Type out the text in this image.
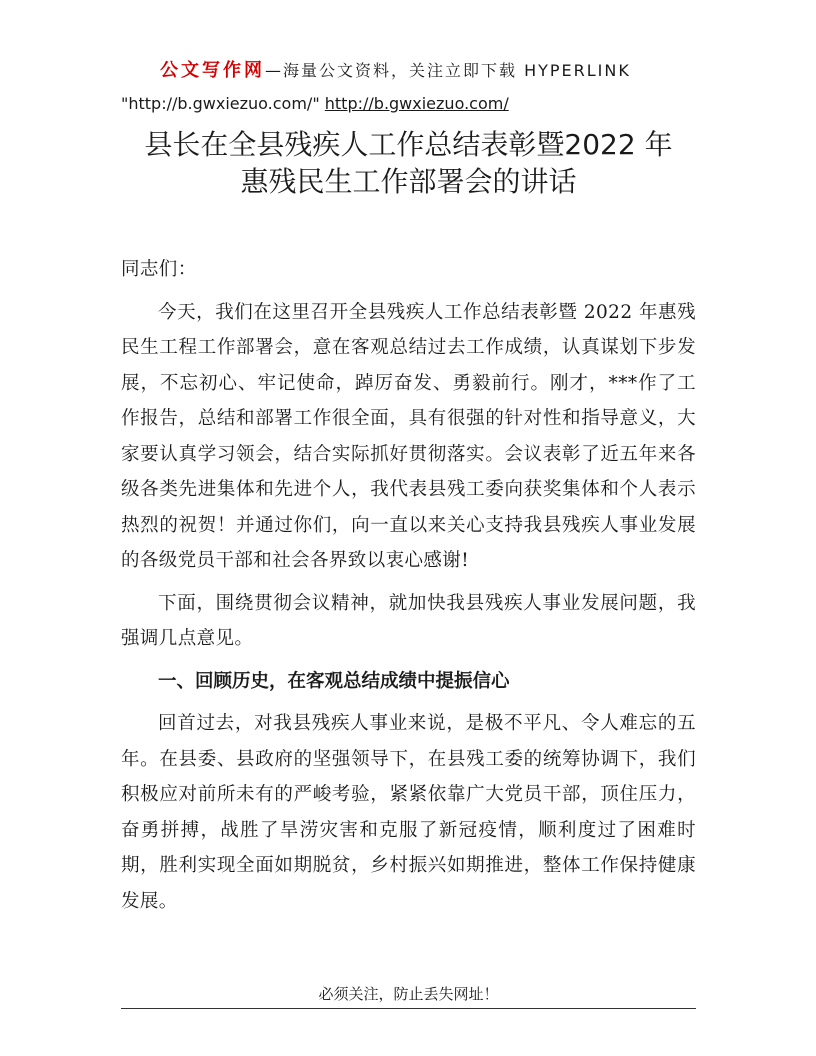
公文写作网—海量公文资料，关注立即下载 HYPERLINK
"http://b.gwxiezuo.com/" http://b.gwxiezuo.com/
县长在全县残疾人工作总结表彰暨2022 年
惠残民生工作部署会的讲话

同志们：

今天，我们在这里召开全县残疾人工作总结表彰暨 2022 年惠残民生工程工作部署会，意在客观总结过去工作成绩，认真谋划下步发展，不忘初心、牢记使命，踔厉奋发、勇毅前行。刚才，***作了工作报告，总结和部署工作很全面，具有很强的针对性和指导意义，大家要认真学习领会，结合实际抓好贯彻落实。会议表彰了近五年来各级各类先进集体和先进个人，我代表县残工委向获奖集体和个人表示热烈的祝贺！并通过你们，向一直以来关心支持我县残疾人事业发展的各级党员干部和社会各界致以衷心感谢!

下面，围绕贯彻会议精神，就加快我县残疾人事业发展问题，我强调几点意见。

一、回顾历史，在客观总结成绩中提振信心

回首过去，对我县残疾人事业来说，是极不平凡、令人难忘的五年。在县委、县政府的坚强领导下，在县残工委的统筹协调下，我们积极应对前所未有的严峻考验，紧紧依靠广大党员干部，顶住压力，奋勇拼搏，战胜了旱涝灾害和克服了新冠疫情，顺利度过了困难时期，胜利实现全面如期脱贫，乡村振兴如期推进，整体工作保持健康发展。

必须关注，防止丢失网址！
